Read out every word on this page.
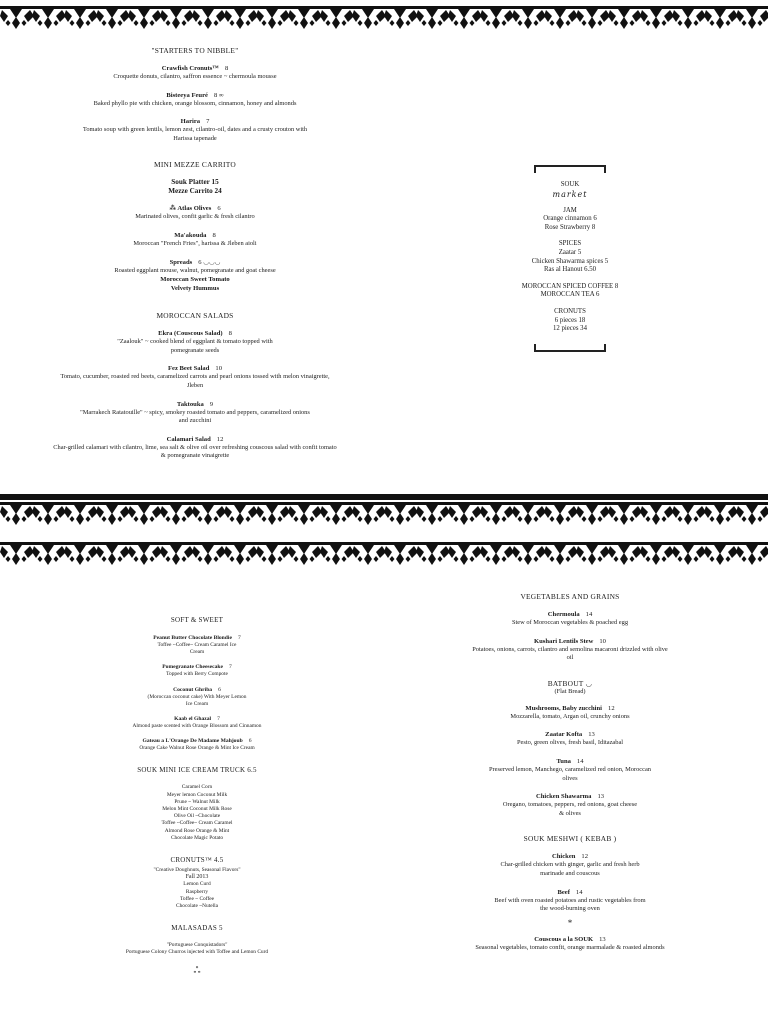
"STARTERS TO NIBBLE"
Crawfish Cronuts™ 8
Croquette donuts, cilantro, saffron essence ~ chermoula mousse
Bisteeya Feuré 8 ∞
Baked phyllo pie with chicken, orange blossom, cinnamon, honey and almonds
Harira 7
Tomato soup with green lentils, lemon zest, cilantro-oil, dates and a crusty crouton with Harissa tapenade
MINI MEZZE CARRITO
Souk Platter 15
Mezze Carrito 24
⁂ Atlas Olives 6
Marinated olives, confit garlic & fresh cilantro
Ma'akouda 8
Moroccan "French Fries", harissa & Jleben aioli
Spreads 6 ◡◡◡
Roasted eggplant mouse, walnut, pomegranate and goat cheese
Moroccan Sweet Tomato
Velvety Hummus
MOROCCAN SALADS
Ekra (Couscous Salad) 8
"Zaalouk" ~ cooked blend of eggplant & tomato topped with pomegranate seeds
Fez Beet Salad 10
Tomato, cucumber, roasted red beets, caramelized carrots and pearl onions tossed with melon vinaigrette, Jleben
Taktouka 9
"Marrakech Ratatouille" ~ spicy, smokey roasted tomato and peppers, caramelized onions and zucchini
Calamari Salad 12
Char-grilled calamari with cilantro, lime, sea salt & olive oil over refreshing couscous salad with confit tomato & pomegranate vinaigrette
SOUK
market
JAM
Orange cinnamon 6
Rose Strawberry 8
SPICES
Zaatar 5
Chicken Shawarma spices 5
Ras al Hanout 6.50
MOROCCAN SPICED COFFEE 8
MOROCCAN TEA 6
CRONUTS
6 pieces 18
12 pieces 34
SOFT & SWEET
Peanut Butter Chocolate Blondie 7
Toffee ~Coffee~ Cream Caramel Ice Cream
Pomegranate Cheesecake 7
Topped with Berry Compote
Coconut Ghriba 6
(Moroccan coconut cake) With Meyer Lemon Ice Cream
Kaab el Ghazal 7
Almond paste scented with Orange Blossom and Cinnamon
Gateau a L'Orange De Madame Mahjoub 6
Orange Cake Walnut Rose Orange & Mint Ice Cream
SOUK MINI ICE CREAM TRUCK 6.5
Caramel Corn
Meyer lemon Coconut Milk
Prune ~ Walnut Milk
Melon Mint Coconut Milk Rose
Olive Oil ~Chocolate
Toffee ~Coffee~ Cream Caramel
Almond Rose Orange & Mint
Chocolate Magic Potato
CRONUTS™ 4.5
"Creative Doughnuts, Seasonal Flavors"
Fall 2013
Lemon Curd
Raspberry
Toffee ~ Coffee
Chocolate ~Nutella
MALASADAS 5
"Portuguese Conquistadors"
Portuguese Colony Churros injected with Toffee and Lemon Curd
ஃ
VEGETABLES AND GRAINS
Chermoula 14
Stew of Moroccan vegetables & poached egg
Kushari Lentils Stew 10
Potatoes, onions, carrots, cilantro and semolina macaroni drizzled with olive oil
BATBOUT ◡
(Flat Bread)
Mushrooms, Baby zucchini 12
Mozzarella, tomato, Argan oil, crunchy onions
Zaatar Kofta 13
Pesto, green olives, fresh basil, Iditazabal
Tuna 14
Preserved lemon, Manchego, caramelized red onion, Moroccan olives
Chicken Shawarma 13
Oregano, tomatoes, peppers, red onions, goat cheese & olives
SOUK MESHWI ( KEBAB )
Chicken 12
Char-grilled chicken with ginger, garlic and fresh herb marinade and couscous
Beef 14
Beef with oven roasted potatoes and rustic vegetables from the wood-burning oven
*
Couscous a la SOUK 13
Seasonal vegetables, tomato confit, orange marmalade & roasted almonds
